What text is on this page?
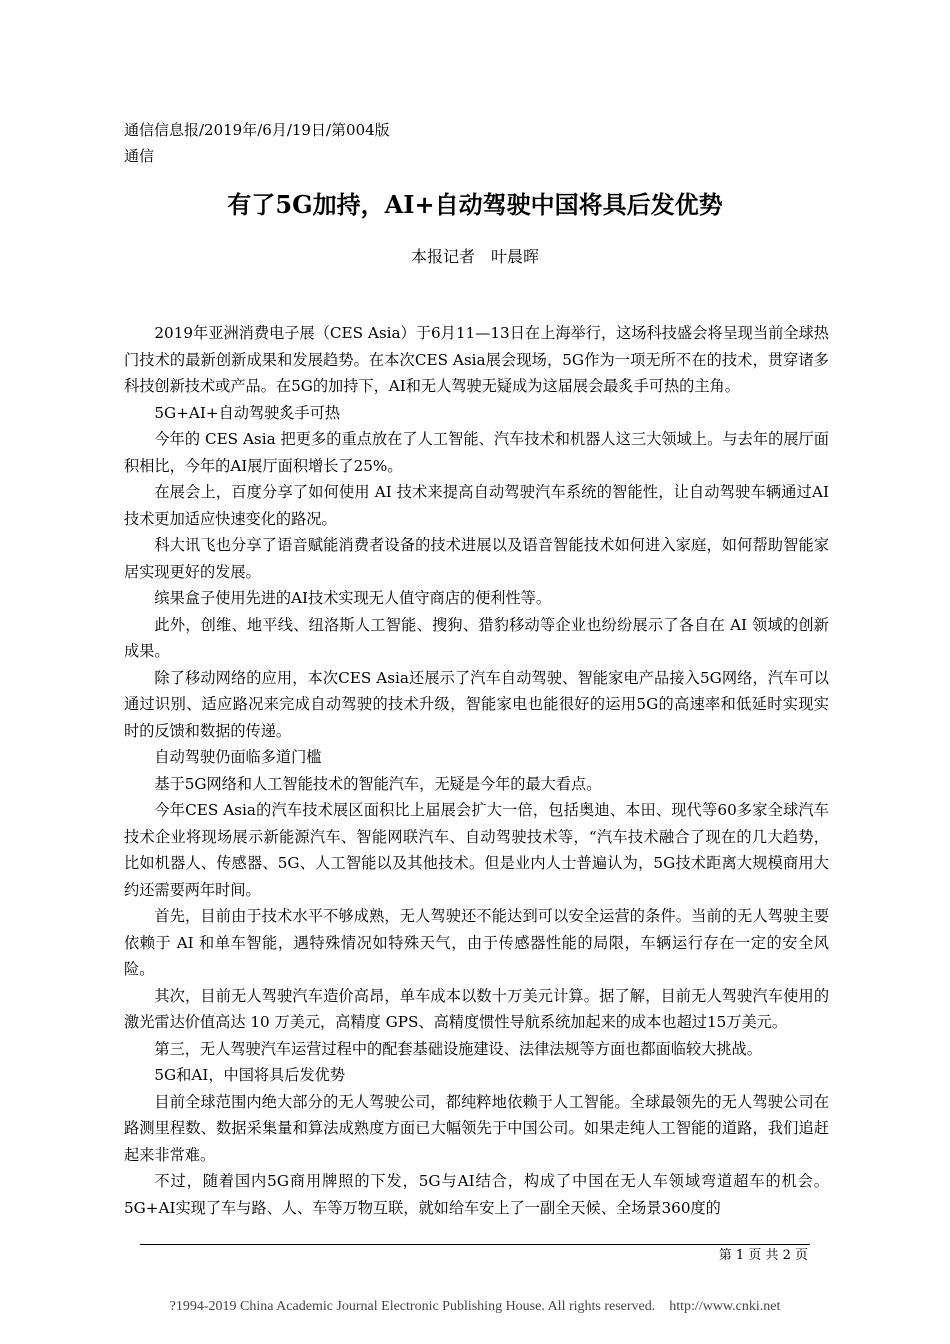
通信信息报/2019年/6月/19日/第004版
通信
有了5G加持，AI+自动驾驶中国将具后发优势
本报记者　叶晨晖

2019年亚洲消费电子展（CES Asia）于6月11—13日在上海举行，这场科技盛会将呈现当前全球热门技术的最新创新成果和发展趋势。在本次CES Asia展会现场，5G作为一项无所不在的技术，贯穿诸多科技创新技术或产品。在5G的加持下，AI和无人驾驶无疑成为这届展会最炙手可热的主角。

5G+AI+自动驾驶炙手可热

今年的 CES Asia 把更多的重点放在了人工智能、汽车技术和机器人这三大领域上。与去年的展厅面积相比，今年的AI展厅面积增长了25%。

在展会上，百度分享了如何使用 AI 技术来提高自动驾驶汽车系统的智能性，让自动驾驶车辆通过AI技术更加适应快速变化的路况。

科大讯飞也分享了语音赋能消费者设备的技术进展以及语音智能技术如何进入家庭，如何帮助智能家居实现更好的发展。

缤果盒子使用先进的AI技术实现无人值守商店的便利性等。

此外，创维、地平线、纽洛斯人工智能、搜狗、猎豹移动等企业也纷纷展示了各自在 AI 领域的创新成果。

除了移动网络的应用，本次CES Asia还展示了汽车自动驾驶、智能家电产品接入5G网络，汽车可以通过识别、适应路况来完成自动驾驶的技术升级，智能家电也能很好的运用5G的高速率和低延时实现实时的反馈和数据的传递。

自动驾驶仍面临多道门槛

基于5G网络和人工智能技术的智能汽车，无疑是今年的最大看点。

今年CES Asia的汽车技术展区面积比上届展会扩大一倍，包括奥迪、本田、现代等60多家全球汽车技术企业将现场展示新能源汽车、智能网联汽车、自动驾驶技术等，“汽车技术融合了现在的几大趋势，比如机器人、传感器、5G、人工智能以及其他技术。但是业内人士普遍认为，5G技术距离大规模商用大约还需要两年时间。

首先，目前由于技术水平不够成熟，无人驾驶还不能达到可以安全运营的条件。当前的无人驾驶主要依赖于 AI 和单车智能，遇特殊情况如特殊天气，由于传感器性能的局限，车辆运行存在一定的安全风险。

其次，目前无人驾驶汽车造价高昂，单车成本以数十万美元计算。据了解，目前无人驾驶汽车使用的激光雷达价值高达 10 万美元，高精度 GPS、高精度惯性导航系统加起来的成本也超过15万美元。

第三，无人驾驶汽车运营过程中的配套基础设施建设、法律法规等方面也都面临较大挑战。

5G和AI，中国将具后发优势

目前全球范围内绝大部分的无人驾驶公司，都纯粹地依赖于人工智能。全球最领先的无人驾驶公司在路测里程数、数据采集量和算法成熟度方面已大幅领先于中国公司。如果走纯人工智能的道路，我们追赶起来非常难。

不过，随着国内5G商用牌照的下发，5G与AI结合，构成了中国在无人车领域弯道超车的机会。5G+AI实现了车与路、人、车等万物互联，就如给车安上了一副全天候、全场景360度的

第 1 页 共 2 页
?1994-2019 China Academic Journal Electronic Publishing House. All rights reserved.    http://www.cnki.net
